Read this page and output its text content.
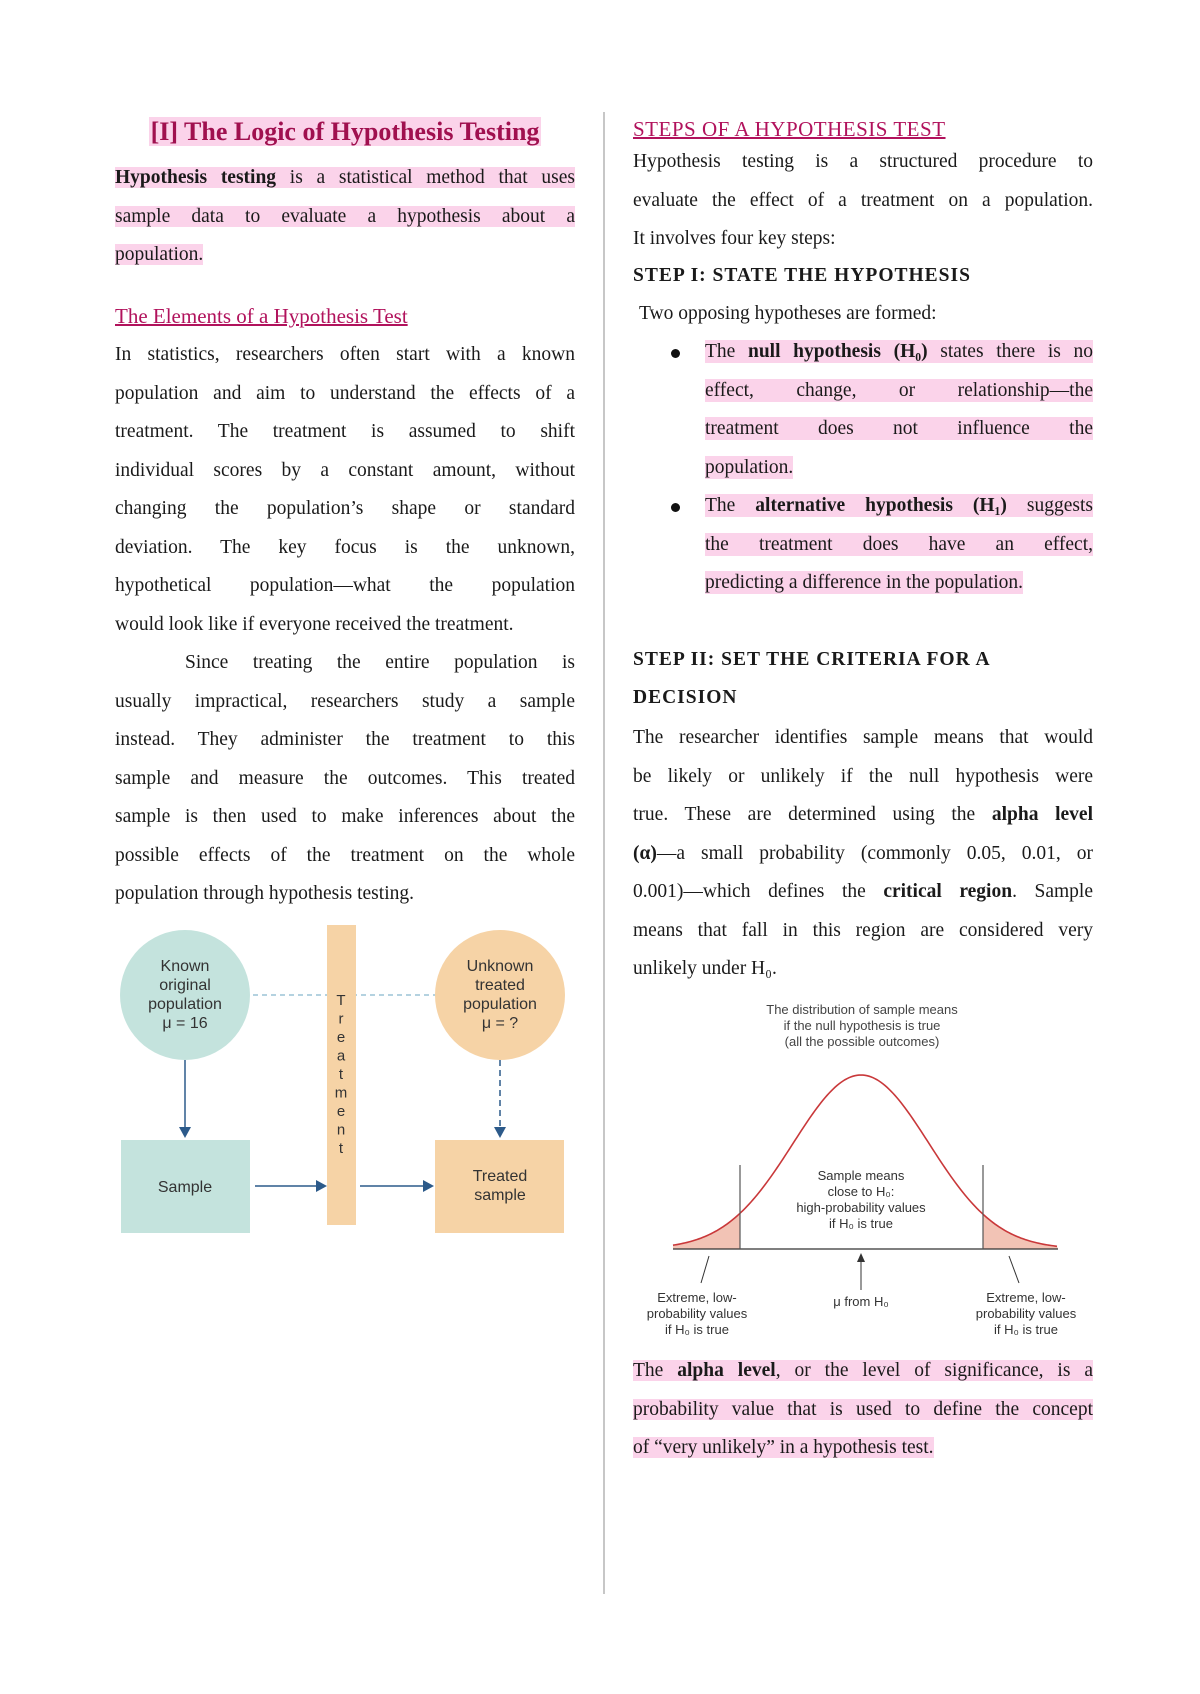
[I] The Logic of Hypothesis Testing
Hypothesis testing is a statistical method that uses
sample data to evaluate a hypothesis about a
population.
The Elements of a Hypothesis Test
In statistics, researchers often start with a known
population and aim to understand the effects of a
treatment. The treatment is assumed to shift
individual scores by a constant amount, without
changing the population’s shape or standard
deviation. The key focus is the unknown,
hypothetical population—what the population
would look like if everyone received the treatment.
Since treating the entire population is
usually impractical, researchers study a sample
instead. They administer the treatment to this
sample and measure the outcomes. This treated
sample is then used to make inferences about the
possible effects of the treatment on the whole
population through hypothesis testing.
Known
original
population
μ = 16
T
r
e
a
t
m
e
n
t
Unknown
treated
population
μ = ?
Sample
Treated
sample
STEPS OF A HYPOTHESIS TEST
Hypothesis testing is a structured procedure to
evaluate the effect of a treatment on a population.
It involves four key steps:
STEP I: STATE THE HYPOTHESIS
Two opposing hypotheses are formed:
The null hypothesis (H₀) states there is no
effect, change, or relationship—the
treatment does not influence the
population.
The alternative hypothesis (H₁) suggests
the treatment does have an effect,
predicting a difference in the population.
STEP II: SET THE CRITERIA FOR A
DECISION
The researcher identifies sample means that would
be likely or unlikely if the null hypothesis were
true. These are determined using the alpha level
(α)—a small probability (commonly 0.05, 0.01, or
0.001)—which defines the critical region. Sample
means that fall in this region are considered very
unlikely under H₀.
The distribution of sample means
if the null hypothesis is true
(all the possible outcomes)
Sample means
close to H₀:
high-probability values
if H₀ is true
Extreme, low-
probability values
if H₀ is true
μ from H₀	Extreme, low-
probability values
if H₀ is true
The alpha level, or the level of significance, is a
probability value that is used to define the concept
of “very unlikely” in a hypothesis test.
